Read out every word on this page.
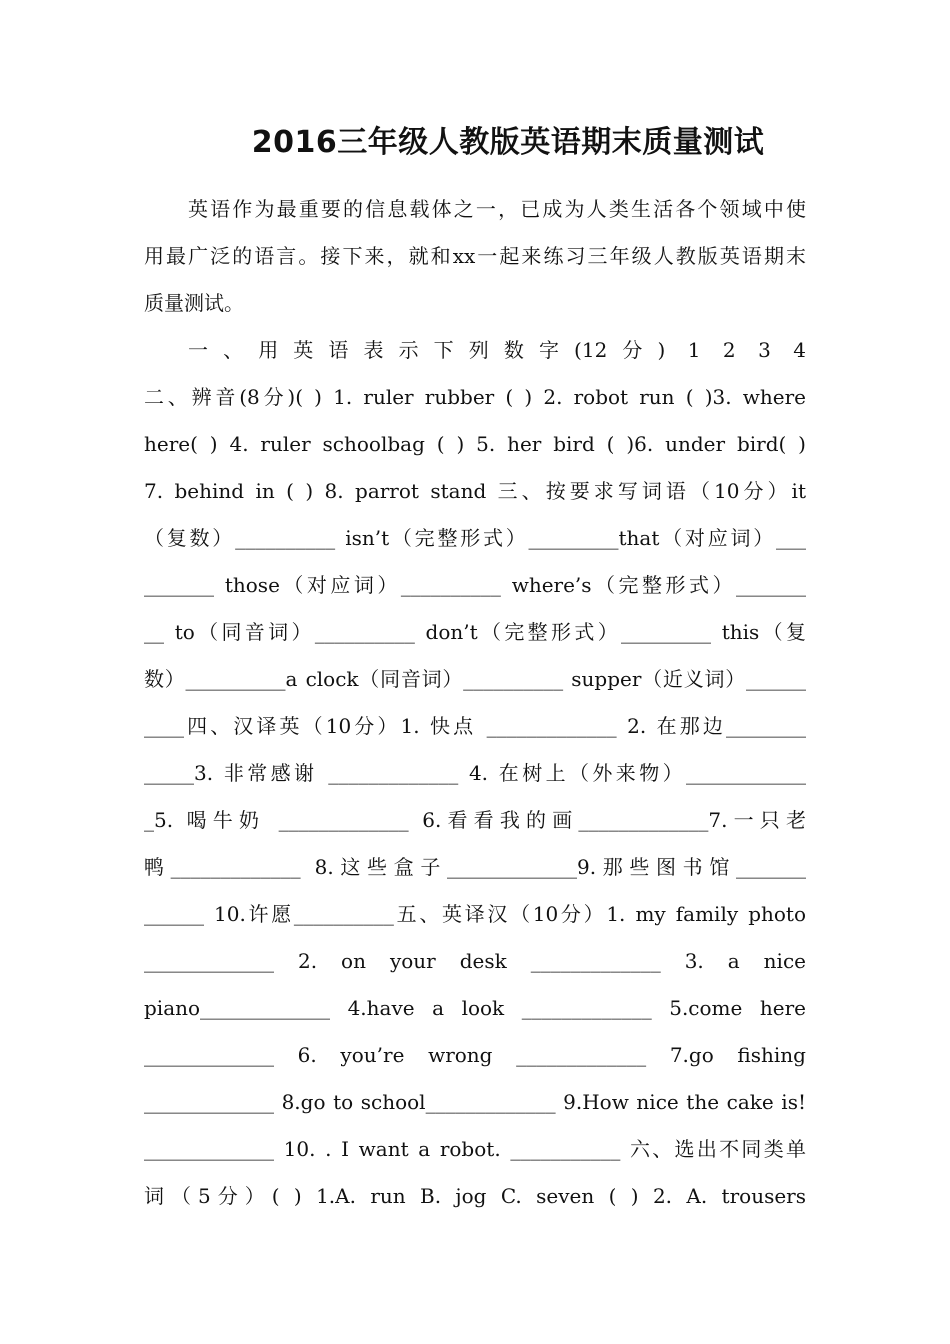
2016三年级人教版英语期末质量测试
英语作为最重要的信息载体之一，已成为人类生活各个领域中使
用最广泛的语言。接下来，就和xx一起来练习三年级人教版英语期末
质量测试。
一、用英语表示下列数字(12分) 1 2 3 4
二、辨音(8分)( ) 1. ruler rubber ( ) 2. robot run ( )3. where
here( ) 4. ruler schoolbag ( ) 5. her bird ( )6. under bird( )
7. behind in ( ) 8. parrot stand 三、按要求写词语（10分）it
（复数）__________ isn’t（完整形式）_________that（对应词）___
_______ those（对应词）__________ where’s（完整形式）_______
__ to（同音词）__________ don’t（完整形式）_________ this（复
数）__________a clock（同音词）__________ supper（近义词）______
____四、汉译英（10分）1. 快点 _____________ 2. 在那边________
_____3. 非常感谢 _____________ 4. 在树上（外来物）____________
_5. 喝牛奶 _____________ 6.看看我的画_____________7.一只老
鸭_____________ 8.这些盒子_____________9.那些图书馆_______
______ 10.许愿__________五、英译汉（10分）1. my family photo
_____________ 2. on your desk _____________ 3. a nice
piano_____________ 4.have a look _____________ 5.come here
_____________ 6. you’re wrong _____________ 7.go fishing
_____________ 8.go to school_____________ 9.How nice the cake is!
_____________ 10. . I want a robot. ___________ 六、选出不同类单
词（5分）( ) 1.A. run B. jog C. seven ( ) 2. A. trousers
